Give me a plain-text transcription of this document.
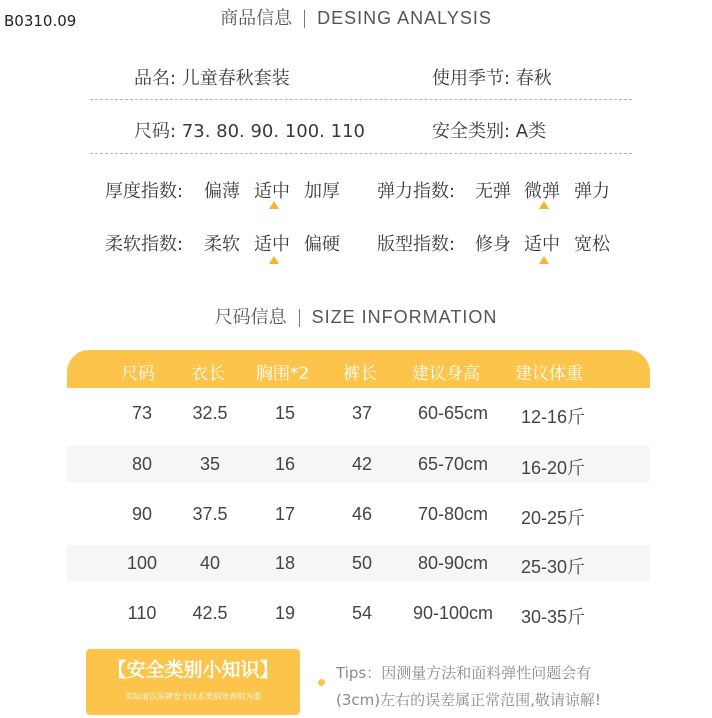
B0310.09	商品信息 DESING ANALYSIS
品名: 儿童春秋套装	使用季节: 春秋
尺码: 73. 80. 90. 100. 110	安全类别: A类
厚度指数: 偏薄 适中 加厚 弹力指数: 无弹 微弹 弹力
柔软指数: 柔软 适中 偏硬 版型指数: 修身 适中 宽松
尺码信息 SIZE INFORMATION
尺码 衣长 胸围*2 裤长 建议身高 建议体重
73	32.5	15	37	60-65cm	12-16斤
80	35	16	42	65-70cm	16-20斤
90	37.5	17	46	70-80cm	20-25斤
100	40	18	50	80-90cm	25-30斤
110	42.5	19	54	90-100cm	30-35斤
【安全类别小知识】
实际请以吊牌安全技术类别处表明为准
Tips：因测量方法和面料弹性问题会有
(3cm)左右的误差属正常范围,敬请谅解!
